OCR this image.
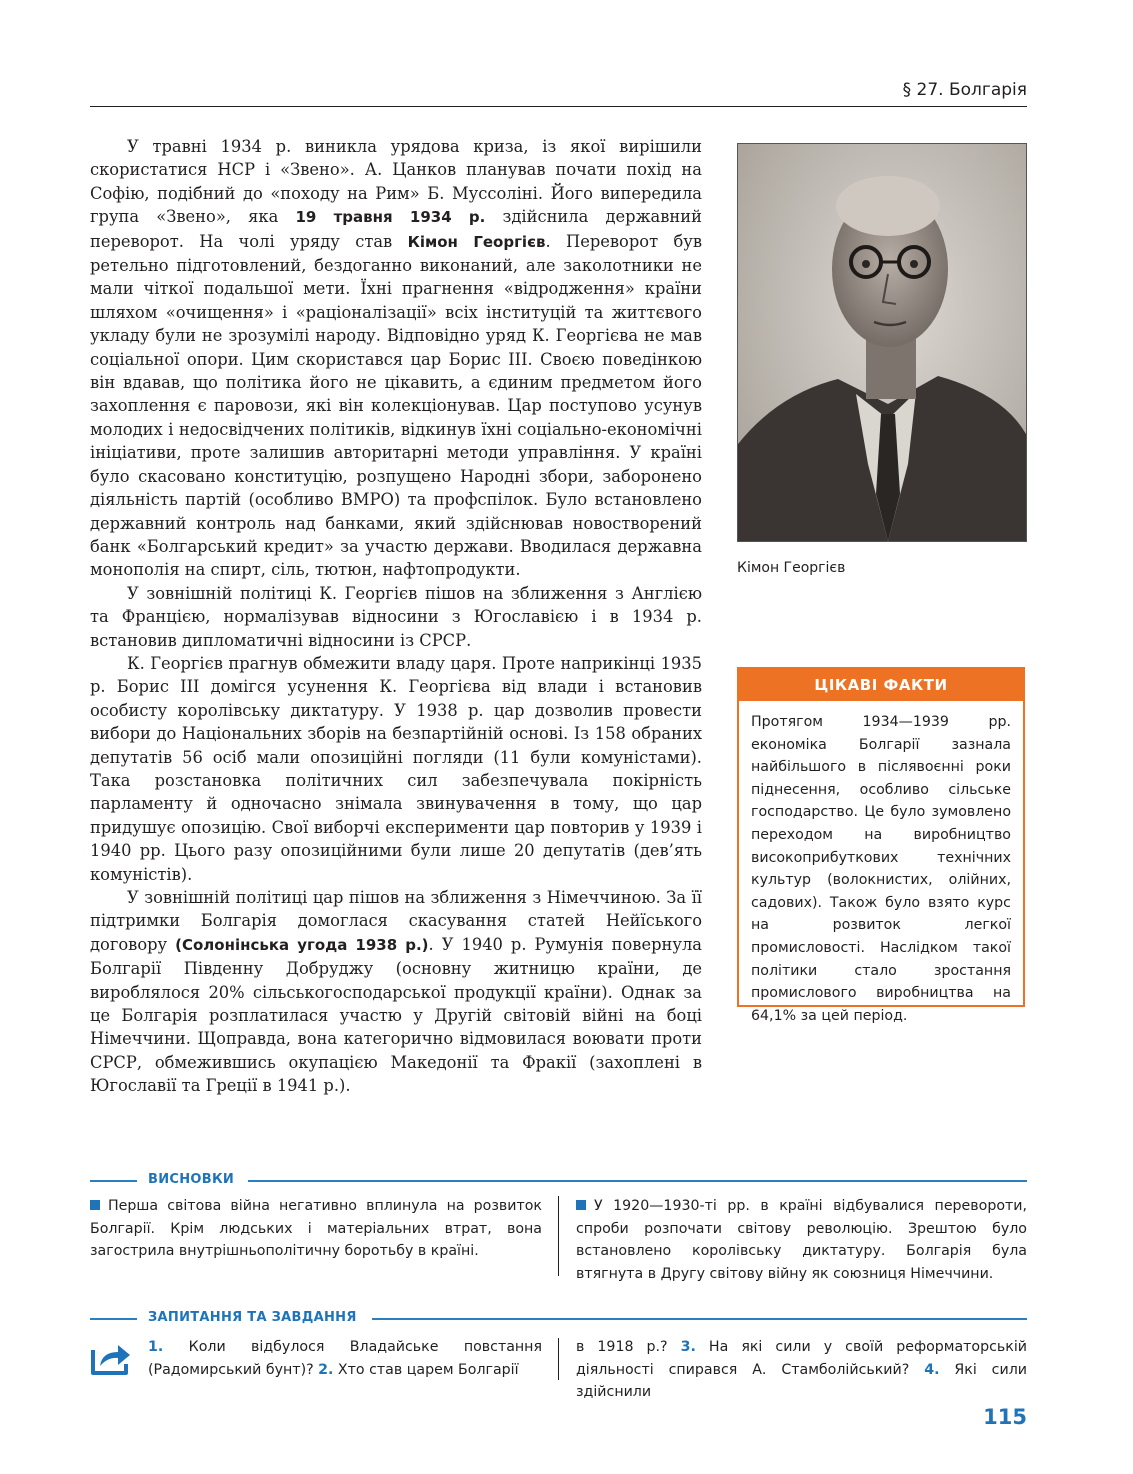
§ 27. Болгарія

У травні 1934 р. виникла урядова криза, із якої вирішили скористатися НСР і «Звено». А. Цанков планував почати похід на Софію, подібний до «походу на Рим» Б. Муссоліні. Його випередила група «Звено», яка 19 травня 1934 р. здійснила державний переворот. На чолі уряду став Кімон Георгієв. Переворот був ретельно підготовлений, бездоганно виконаний, але заколотники не мали чіткої подальшої мети. Їхні прагнення «відродження» країни шляхом «очищення» і «раціоналізації» всіх інституцій та життєвого укладу були не зрозумілі народу. Відповідно уряд К. Георгієва не мав соціальної опори. Цим скористався цар Борис ІІІ. Своєю поведінкою він вдавав, що політика його не цікавить, а єдиним предметом його захоплення є паровози, які він колекціонував. Цар поступово усунув молодих і недосвідчених політиків, відкинув їхні соціально-економічні ініціативи, проте залишив авторитарні методи управління. У країні було скасовано конституцію, розпущено Народні збори, заборонено діяльність партій (особливо ВМРО) та профспілок. Було встановлено державний контроль над банками, який здійснював новостворений банк «Болгарський кредит» за участю держави. Вводилася державна монополія на спирт, сіль, тютюн, нафтопродукти.

У зовнішній політиці К. Георгієв пішов на зближення з Англією та Францією, нормалізував відносини з Югославією і в 1934 р. встановив дипломатичні відносини із СРСР.

К. Георгієв прагнув обмежити владу царя. Проте наприкінці 1935 р. Борис ІІІ домігся усунення К. Георгієва від влади і встановив особисту королівську диктатуру. У 1938 р. цар дозволив провести вибори до Національних зборів на безпартійній основі. Із 158 обраних депутатів 56 осіб мали опозиційні погляди (11 були комуністами). Така розстановка політичних сил забезпечувала покірність парламенту й одночасно знімала звинувачення в тому, що цар придушує опозицію. Свої виборчі експерименти цар повторив у 1939 і 1940 рр. Цього разу опозиційними були лише 20 депутатів (дев’ять комуністів).

У зовнішній політиці цар пішов на зближення з Німеччиною. За її підтримки Болгарія домоглася скасування статей Нейїського договору (Солонінська угода 1938 р.). У 1940 р. Румунія повернула Болгарії Південну Добруджу (основну житницю країни, де вироблялося 20% сільськогосподарської продукції країни). Однак за це Болгарія розплатилася участю у Другій світовій війні на боці Німеччини. Щоправда, вона категорично відмовилася воювати проти СРСР, обмежившись окупацією Македонії та Фракії (захоплені в Югославії та Греції в 1941 р.).

Кімон Георгієв
ЦІКАВІ ФАКТИ
Протягом 1934—1939 рр. економіка Болгарії зазнала найбільшого в післявоєнні роки піднесення, особливо сільське господарство. Це було зумовлено переходом на виробництво високоприбуткових технічних культур (волокнистих, олійних, садових). Також було взято курс на розвиток легкої промисловості. Наслідком такої політики стало зростання промислового виробництва на 64,1% за цей період.
ВИСНОВКИ
Перша світова війна негативно вплинула на розвиток Болгарії. Крім людських і матеріальних втрат, вона загострила внутрішньополітичну боротьбу в країні.
У 1920—1930-ті рр. в країні відбувалися перевороти, спроби розпочати світову революцію. Зрештою було встановлено королівську диктатуру. Болгарія була втягнута в Другу світову війну як союзниця Німеччини.
ЗАПИТАННЯ ТА ЗАВДАННЯ
1. Коли відбулося Владайське повстання (Радомирський бунт)? 2. Хто став царем Болгарії
в 1918 р.? 3. На які сили у своїй реформаторській діяльності спирався А. Стамболійський? 4. Які сили здійснили
115
